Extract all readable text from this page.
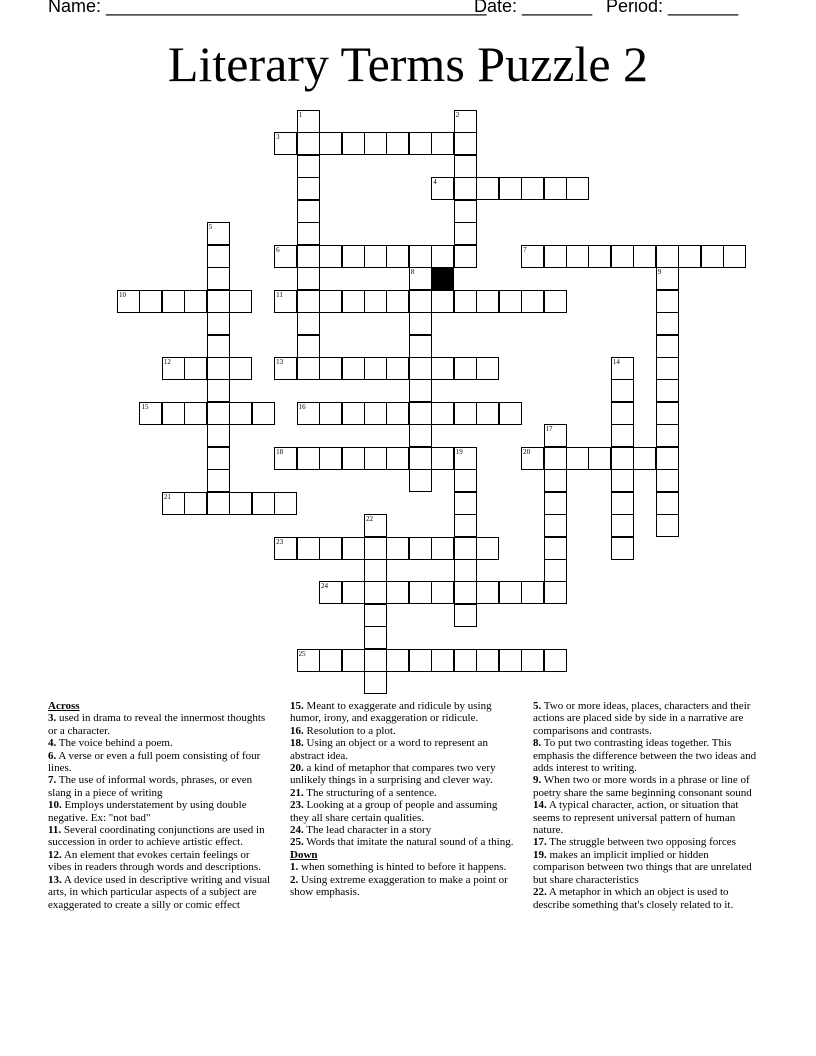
Name: ______________________________________
Date: _______ Period: _______
Literary Terms Puzzle 2
3
4
6	7
10	11
12	13
15	16
18	20
21
23
24
25
1	2
5
8	9
14
17
19
22

Across

3. used in drama to reveal the innermost thoughts or a character.

4. The voice behind a poem.

6. A verse or even a full poem consisting of four lines.

7. The use of informal words, phrases, or even slang in a piece of writing

10. Employs understatement by using double negative. Ex: "not bad"

11. Several coordinating conjunctions are used in succession in order to achieve artistic effect.

12. An element that evokes certain feelings or vibes in readers through words and descriptions.

13. A device used in descriptive writing and visual arts, in which particular aspects of a subject are exaggerated to create a silly or comic effect

15. Meant to exaggerate and ridicule by using humor, irony, and exaggeration or ridicule.

16. Resolution to a plot.

18. Using an object or a word to represent an abstract idea.

20. a kind of metaphor that compares two very unlikely things in a surprising and clever way.

21. The structuring of a sentence.

23. Looking at a group of people and assuming they all share certain qualities.

24. The lead character in a story

25. Words that imitate the natural sound of a thing.

Down

1. when something is hinted to before it happens.

2. Using extreme exaggeration to make a point or show emphasis.

5. Two or more ideas, places, characters and their actions are placed side by side in a narrative are comparisons and contrasts.

8. To put two contrasting ideas together. This emphasis the difference between the two ideas and adds interest to writing.

9. When two or more words in a phrase or line of poetry share the same beginning consonant sound

14. A typical character, action, or situation that seems to represent universal pattern of human nature.

17. The struggle between two opposing forces

19. makes an implicit implied or hidden comparison between two things that are unrelated but share characteristics

22. A metaphor in which an object is used to describe something that's closely related to it.
